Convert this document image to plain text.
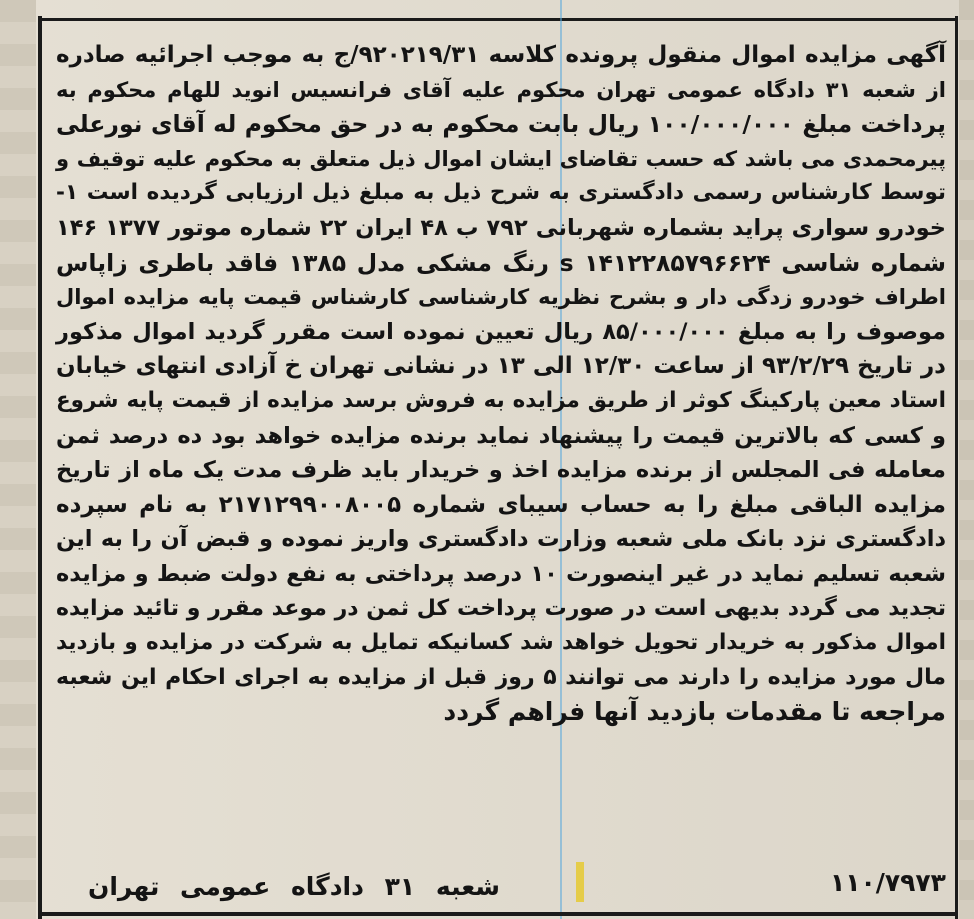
آگهی مزایده اموال منقول پرونده کلاسه ۹۲۰۲۱۹/۳۱/ج به موجب اجرائیه صادره
از شعبه ۳۱ دادگاه عمومی تهران محکوم علیه آقای فرانسیس انوید للهام محکوم به
پرداخت مبلغ ۱۰۰/۰۰۰/۰۰۰ ریال بابت محکوم به در حق محکوم له آقای نورعلی
پیرمحمدی می باشد که حسب تقاضای ایشان اموال ذیل متعلق به محکوم علیه توقیف و
توسط کارشناس رسمی دادگستری به شرح ذیل به مبلغ ذیل ارزیابی گردیده است ۱-
خودرو سواری پراید بشماره شهربانی ۷۹۲ ب ۴۸ ایران ۲۲ شماره موتور ۱۳۷۷ ۱۴۶
شماره شاسی s ۱۴۱۲۲۸۵۷۹۶۶۲۴ رنگ مشکی مدل ۱۳۸۵ فاقد باطری زاپاس
اطراف خودرو زدگی دار و بشرح نظریه کارشناسی کارشناس قیمت پایه مزایده اموال
موصوف را به مبلغ ۸۵/۰۰۰/۰۰۰ ریال تعیین نموده است مقرر گردید اموال مذکور
در تاریخ ۹۳/۲/۲۹ از ساعت ۱۲/۳۰ الی ۱۳ در نشانی تهران خ آزادی انتهای خیابان
استاد معین پارکینگ کوثر از طریق مزایده به فروش برسد مزایده از قیمت پایه شروع
و کسی که بالاترین قیمت را پیشنهاد نماید برنده مزایده خواهد بود ده درصد ثمن
معامله فی المجلس از برنده مزایده اخذ و خریدار باید ظرف مدت یک ماه از تاریخ
مزایده الباقی مبلغ را به حساب سیبای شماره ۲۱۷۱۲۹۹۰۰۸۰۰۵ به نام سپرده
دادگستری نزد بانک ملی شعبه وزارت دادگستری واریز نموده و قبض آن را به این
شعبه تسلیم نماید در غیر اینصورت ۱۰ درصد پرداختی به نفع دولت ضبط و مزایده
تجدید می گردد بدیهی است در صورت پرداخت کل ثمن در موعد مقرر و تائید مزایده
اموال مذکور به خریدار تحویل خواهد شد کسانیکه تمایل به شرکت در مزایده و بازدید
مال مورد مزایده را دارند می توانند ۵ روز قبل از مزایده به اجرای احکام این شعبه
مراجعه تا مقدمات بازدید آنها فراهم گردد
۱۱۰/۷۹۷۳
شعبه ۳۱ دادگاه عمومی تهران
